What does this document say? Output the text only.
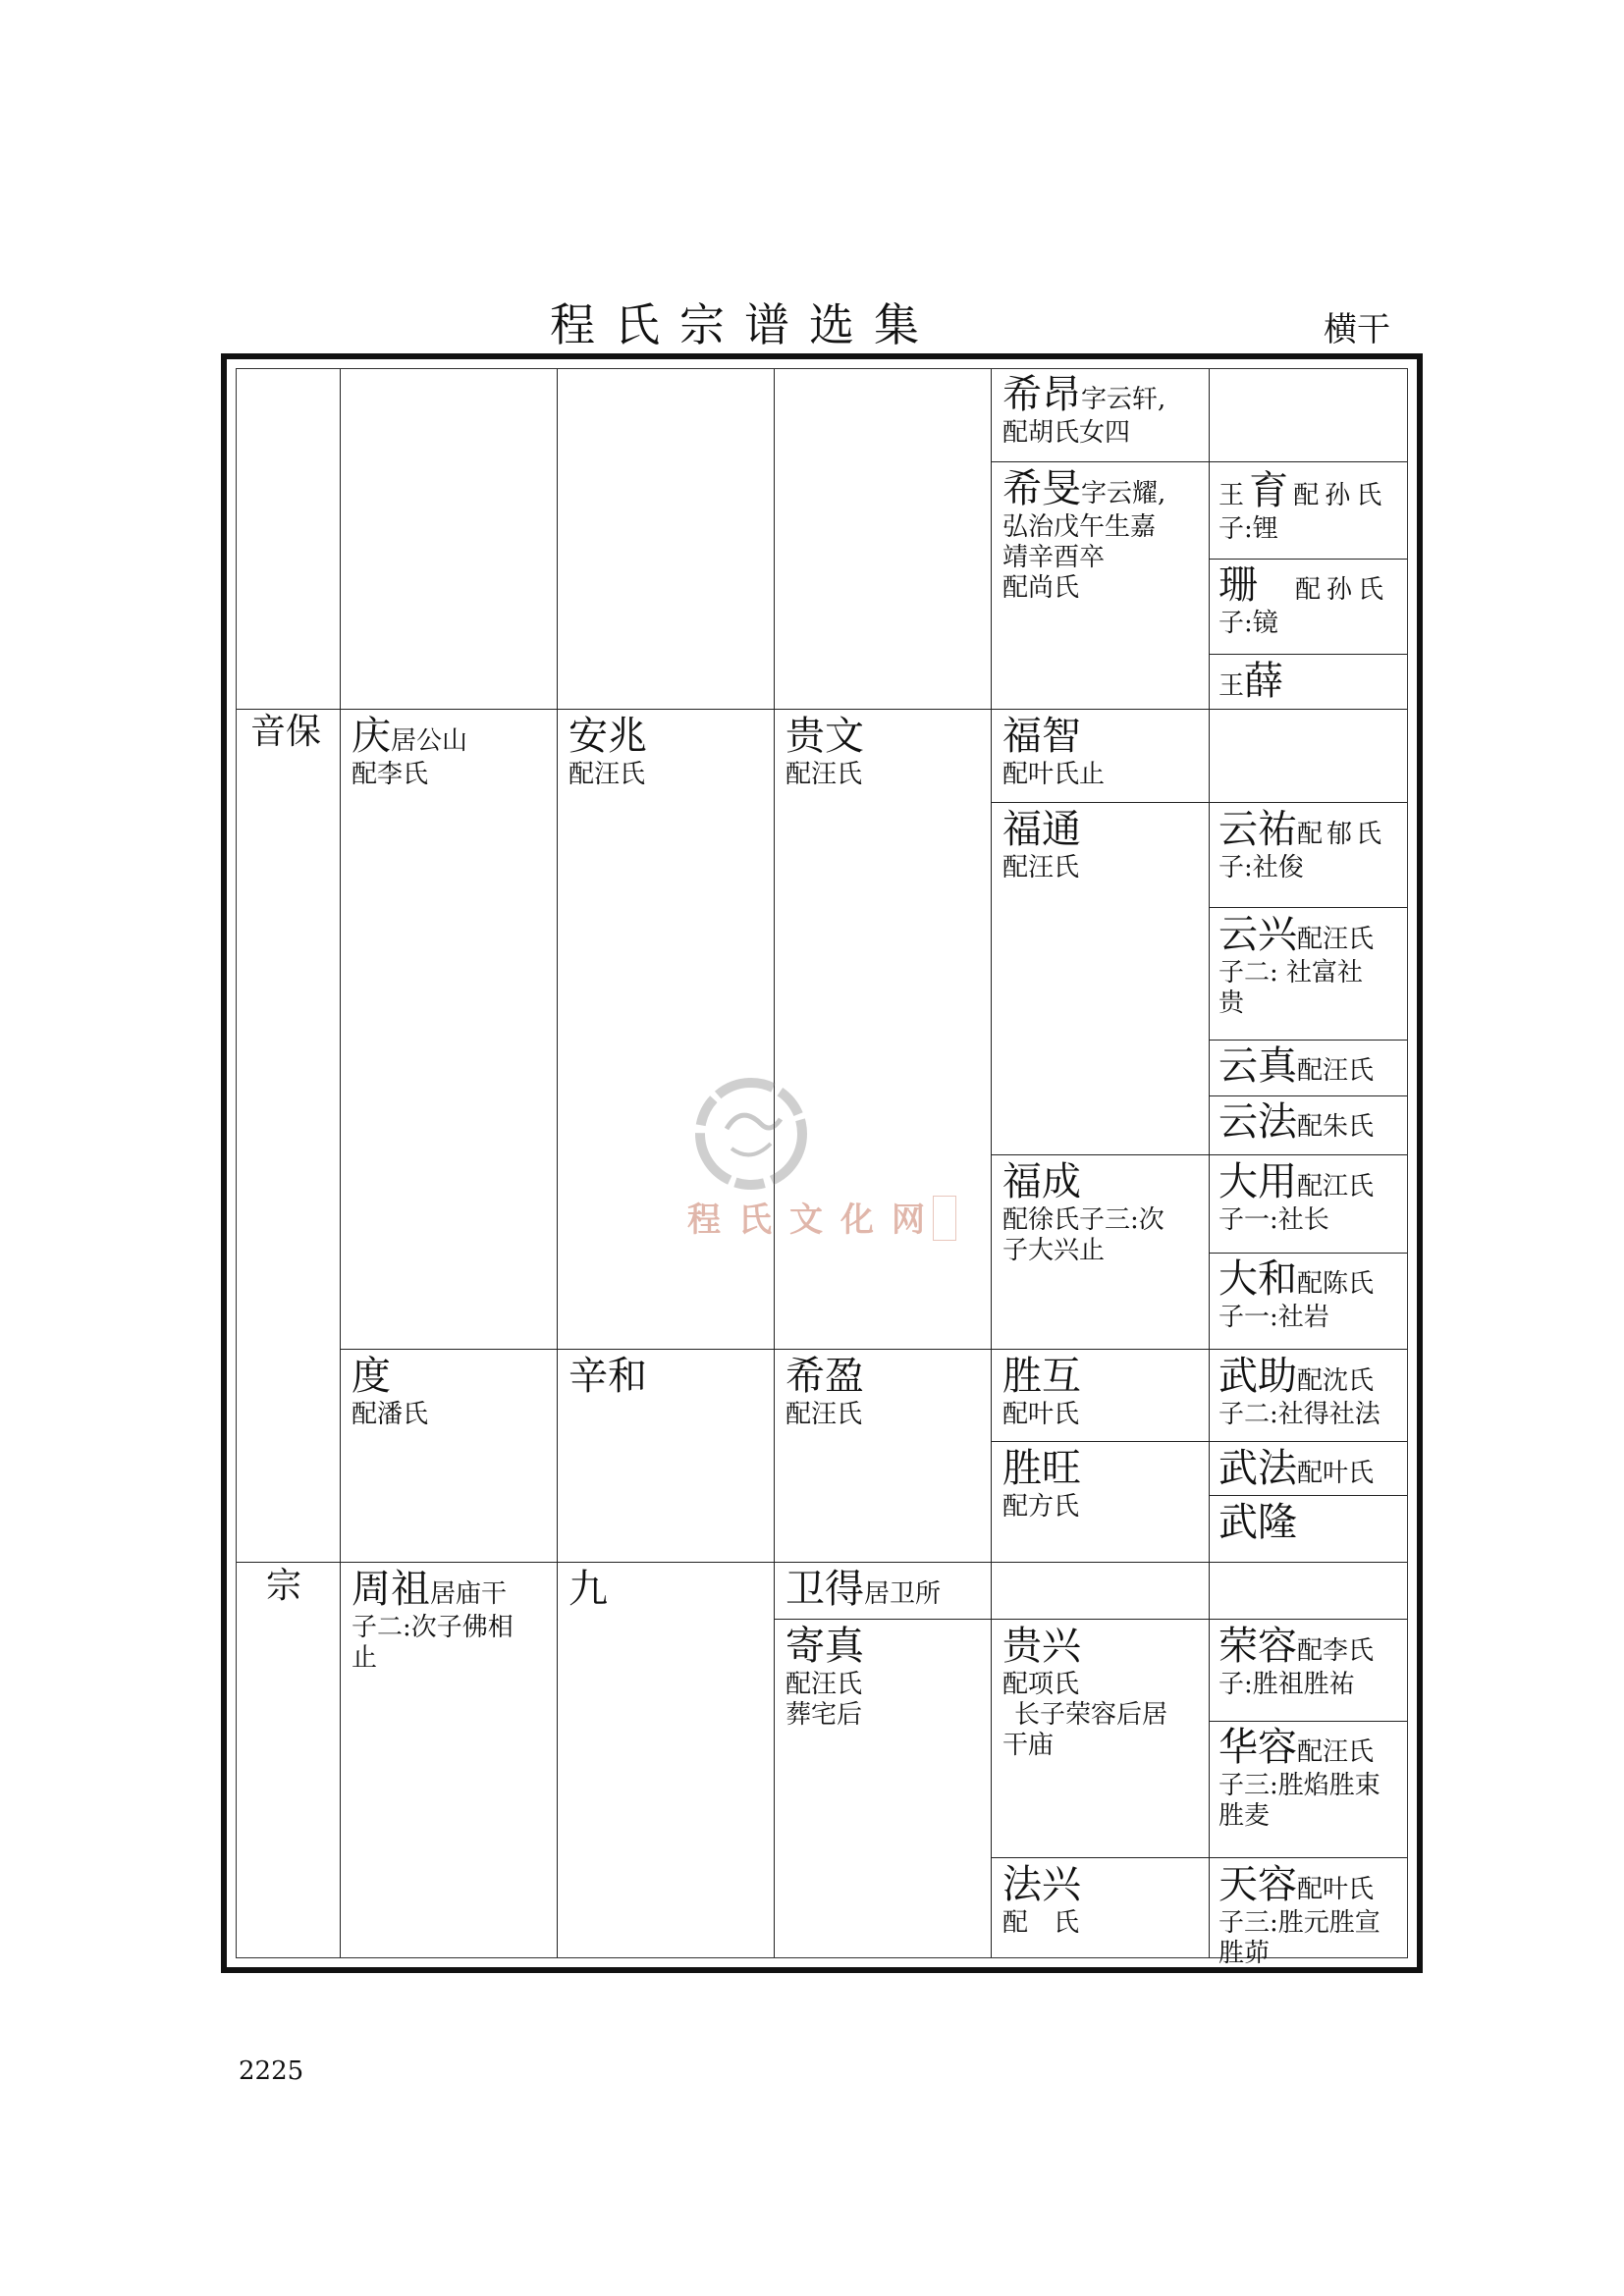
程氏宗谱选集	横干
音保
宗
庆居公山
配李氏
度
配潘氏
周祖居庙干
子二:次子佛相
止
安兆
配汪氏
辛和
九
贵文
配汪氏
希盈
配汪氏
卫得居卫所
寄真
配汪氏
葬宅后
希昂字云轩,
配胡氏女四
希旻字云耀,
弘治戊午生嘉
靖辛酉卒
配尚氏
福智
配叶氏止
福通
配汪氏
福成
配徐氏子三:次
子大兴止
胜互
配叶氏
胜旺
配方氏
贵兴
配项氏
长子荣容后居
干庙
法兴
配　氏
王 育 配孙氏
子:锂
珊 配孙氏
子:镜
王薛
云祐配郁氏
子:社俊
云兴配汪氏
子二: 社富社
贵
云真配汪氏
云法配朱氏
大用配江氏
子一:社长
大和配陈氏
子一:社岩
武助配沈氏
子二:社得社法
武法配叶氏
武隆
荣容配李氏
子:胜祖胜祐
华容配汪氏
子三:胜焰胜束
胜麦
天容配叶氏
子三:胜元胜宣
胜茆
程氏文化网
2225
